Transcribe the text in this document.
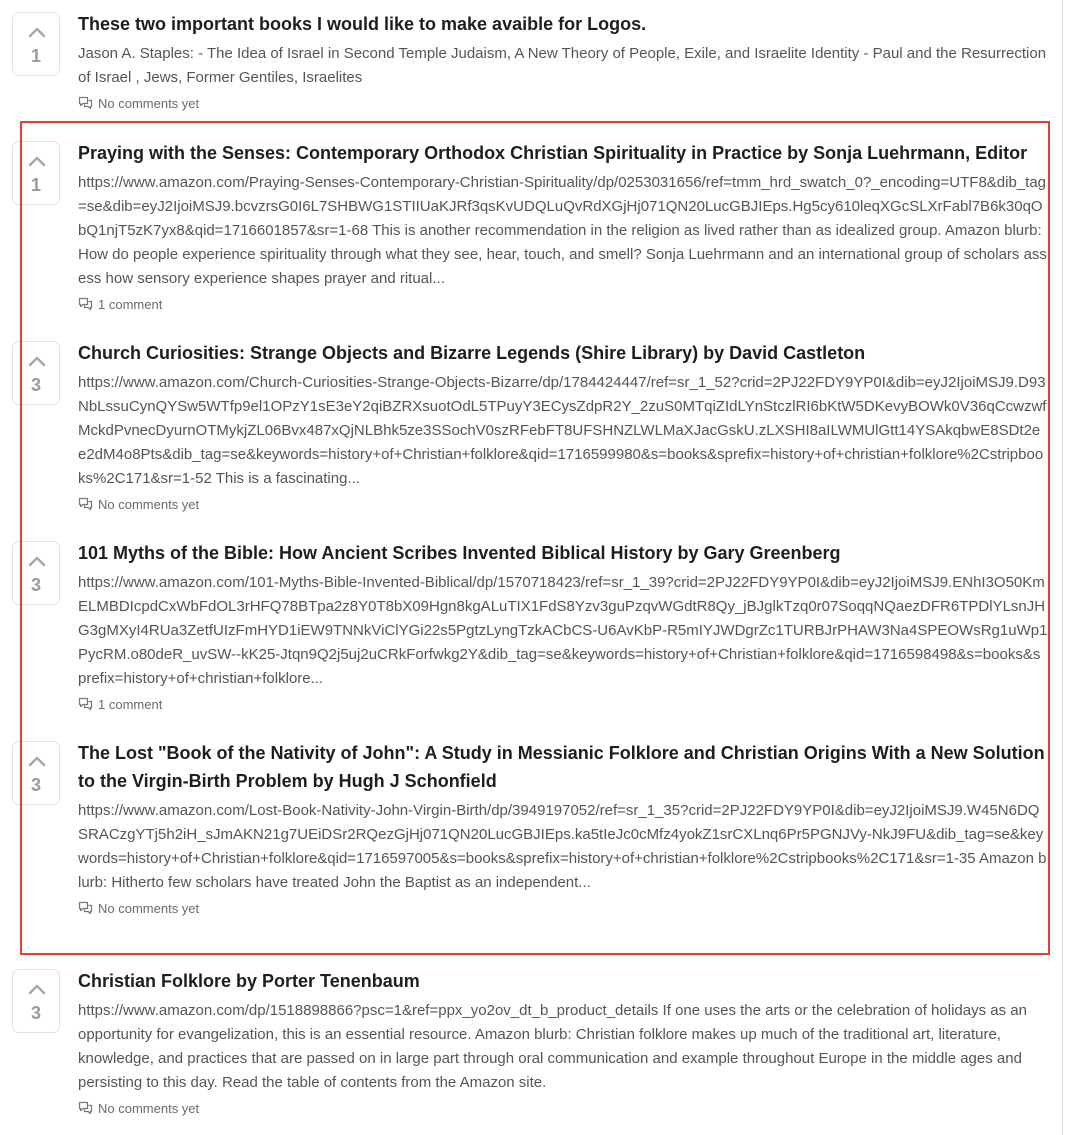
1
These two important books I would like to make avaible for Logos.
Jason A. Staples: - The Idea of Israel in Second Temple Judaism, A New Theory of People, Exile, and Israelite Identity - Paul and the Resurrection of Israel , Jews, Former Gentiles, Israelites
No comments yet
1
Praying with the Senses: Contemporary Orthodox Christian Spirituality in Practice by Sonja Luehrmann, Editor
https://www.amazon.com/Praying-Senses-Contemporary-Christian-Spirituality/dp/0253031656/ref=tmm_hrd_swatch_0?_encoding=UTF8&dib_tag=se&dib=eyJ2IjoiMSJ9.bcvzrsG0I6L7SHBWG1STIIUaKJRf3qsKvUDQLuQvRdXGjHj071QN20LucGBJIEps.Hg5cy610leqXGcSLXrFabl7B6k30qObQ1njT5zK7yx8&qid=1716601857&sr=1-68 This is another recommendation in the religion as lived rather than as idealized group. Amazon blurb: How do people experience spirituality through what they see, hear, touch, and smell? Sonja Luehrmann and an international group of scholars assess how sensory experience shapes prayer and ritual...
1 comment
3
Church Curiosities: Strange Objects and Bizarre Legends (Shire Library) by David Castleton
https://www.amazon.com/Church-Curiosities-Strange-Objects-Bizarre/dp/1784424447/ref=sr_1_52?crid=2PJ22FDY9YP0I&dib=eyJ2IjoiMSJ9.D93NbLssuCynQYSw5WTfp9el1OPzY1sE3eY2qiBZRXsuotOdL5TPuyY3ECysZdpR2Y_2zuS0MTqiZIdLYnStczlRI6bKtW5DKevyBOWk0V36qCcwzwfMckdPvnecDyurnOTMykjZL06Bvx487xQjNLBhk5ze3SSochV0szRFebFT8UFSHNZLWLMaXJacGskU.zLXSHI8aILWMUlGtt14YSAkqbwE8SDt2ee2dM4o8Pts&dib_tag=se&keywords=history+of+Christian+folklore&qid=1716599980&s=books&sprefix=history+of+christian+folklore%2Cstripbooks%2C171&sr=1-52 This is a fascinating...
No comments yet
3
101 Myths of the Bible: How Ancient Scribes Invented Biblical History by Gary Greenberg
https://www.amazon.com/101-Myths-Bible-Invented-Biblical/dp/1570718423/ref=sr_1_39?crid=2PJ22FDY9YP0I&dib=eyJ2IjoiMSJ9.ENhI3O50KmELMBDIcpdCxWbFdOL3rHFQ78BTpa2z8Y0T8bX09Hgn8kgALuTIX1FdS8Yzv3guPzqvWGdtR8Qy_jBJglkTzq0r07SoqqNQaezDFR6TPDlYLsnJHG3gMXyI4RUa3ZetfUIzFmHYD1iEW9TNNkViClYGi22s5PgtzLyngTzkACbCS-U6AvKbP-R5mIYJWDgrZc1TURBJrPHAW3Na4SPEOWsRg1uWp1PycRM.o80deR_uvSW--kK25-Jtqn9Q2j5uj2uCRkForfwkg2Y&dib_tag=se&keywords=history+of+Christian+folklore&qid=1716598498&s=books&sprefix=history+of+christian+folklore...
1 comment
3
The Lost "Book of the Nativity of John": A Study in Messianic Folklore and Christian Origins With a New Solution to the Virgin-Birth Problem by Hugh J Schonfield
https://www.amazon.com/Lost-Book-Nativity-John-Virgin-Birth/dp/3949197052/ref=sr_1_35?crid=2PJ22FDY9YP0I&dib=eyJ2IjoiMSJ9.W45N6DQSRACzgYTj5h2iH_sJmAKN21g7UEiDSr2RQezGjHj071QN20LucGBJIEps.ka5tIeJc0cMfz4yokZ1srCXLnq6Pr5PGNJVy-NkJ9FU&dib_tag=se&keywords=history+of+Christian+folklore&qid=1716597005&s=books&sprefix=history+of+christian+folklore%2Cstripbooks%2C171&sr=1-35 Amazon blurb: Hitherto few scholars have treated John the Baptist as an independent...
No comments yet
3
Christian Folklore by Porter Tenenbaum
https://www.amazon.com/dp/1518898866?psc=1&ref=ppx_yo2ov_dt_b_product_details If one uses the arts or the celebration of holidays as an opportunity for evangelization, this is an essential resource. Amazon blurb: Christian folklore makes up much of the traditional art, literature, knowledge, and practices that are passed on in large part through oral communication and example throughout Europe in the middle ages and persisting to this day. Read the table of contents from the Amazon site.
No comments yet
